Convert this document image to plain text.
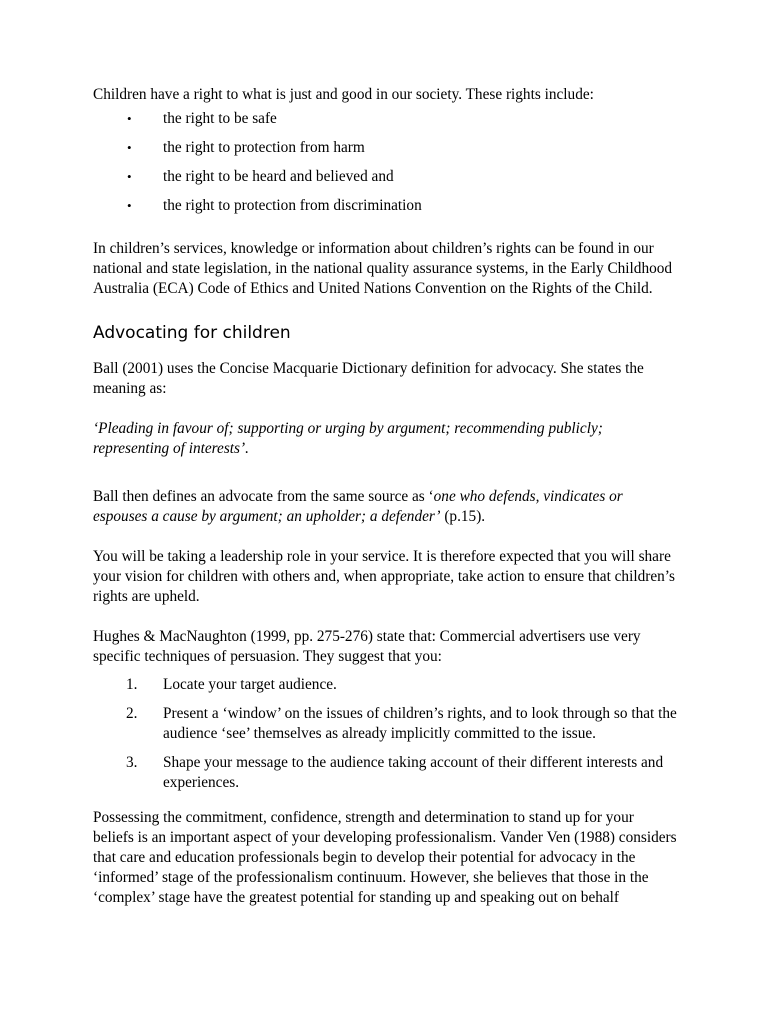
Children have a right to what is just and good in our society. These rights include:

• the right to be safe
• the right to protection from harm
• the right to be heard and believed and
• the right to protection from discrimination

In children’s services, knowledge or information about children’s rights can be found in our national and state legislation, in the national quality assurance systems, in the Early Childhood Australia (ECA) Code of Ethics and United Nations Convention on the Rights of the Child.

Advocating for children

Ball (2001) uses the Concise Macquarie Dictionary definition for advocacy. She states the meaning as:

‘Pleading in favour of; supporting or urging by argument; recommending publicly; representing of interests’.

Ball then defines an advocate from the same source as ‘one who defends, vindicates or espouses a cause by argument; an upholder; a defender’ (p.15).

You will be taking a leadership role in your service. It is therefore expected that you will share your vision for children with others and, when appropriate, take action to ensure that children’s rights are upheld.

Hughes & MacNaughton (1999, pp. 275-276) state that: Commercial advertisers use very specific techniques of persuasion. They suggest that you:

1. Locate your target audience.
2. Present a ‘window’ on the issues of children’s rights, and to look through so that the audience ‘see’ themselves as already implicitly committed to the issue.
3. Shape your message to the audience taking account of their different interests and experiences.

Possessing the commitment, confidence, strength and determination to stand up for your beliefs is an important aspect of your developing professionalism. Vander Ven (1988) considers that care and education professionals begin to develop their potential for advocacy in the ‘informed’ stage of the professionalism continuum. However, she believes that those in the ‘complex’ stage have the greatest potential for standing up and speaking out on behalf
